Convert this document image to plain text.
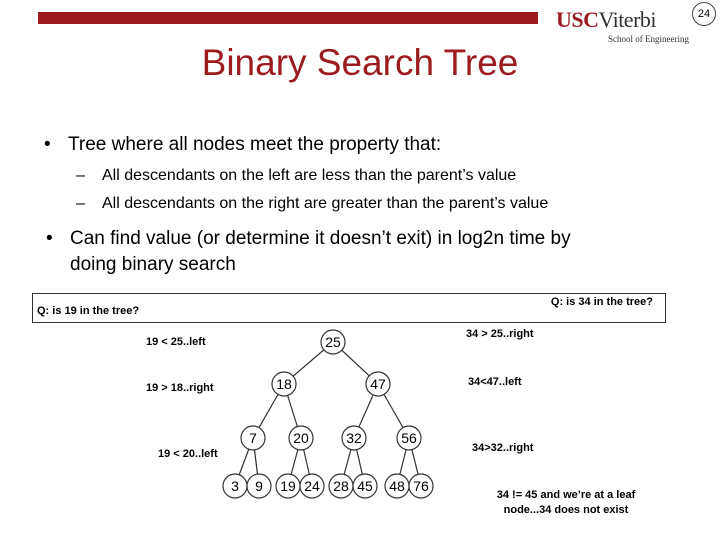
24
USCViterbi
School of Engineering
Binary Search Tree
• Tree where all nodes meet the property that:
– All descendants on the left are less than the parent’s value
– All descendants on the right are greater than the parent’s value
• Can find value (or determine it doesn’t exit) in log2n time by
doing binary search
Q: is 19 in the tree?
Q: is 34 in the tree?
25
18	47
7	20	32	56
3 9 19 24 28 45 48 76
19 < 25..left
19 > 18..right
19 < 20..left
34 > 25..right
34<47..left
34>32..right
34 != 45 and we’re at a leaf node...34 does not exist
